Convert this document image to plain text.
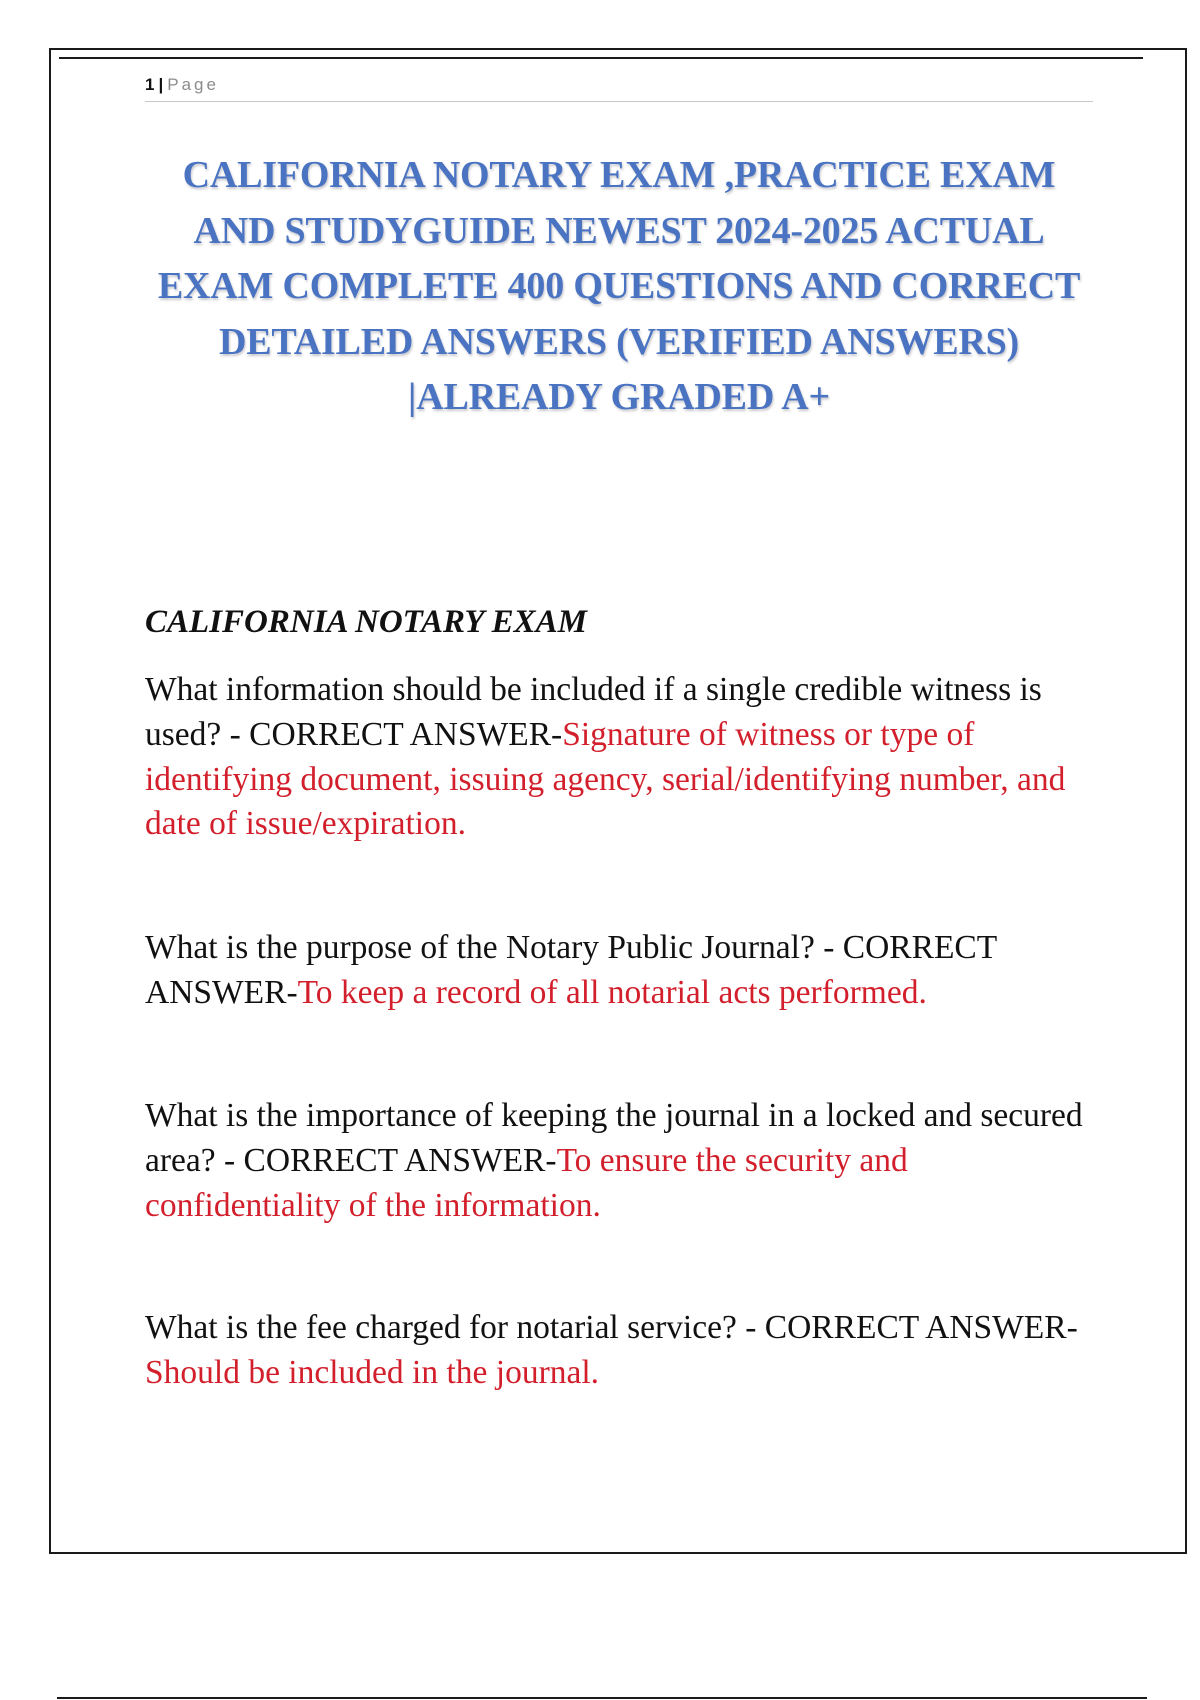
1 | Page
CALIFORNIA NOTARY EXAM ,PRACTICE EXAM AND STUDYGUIDE NEWEST 2024-2025 ACTUAL EXAM COMPLETE 400 QUESTIONS AND CORRECT DETAILED ANSWERS (VERIFIED ANSWERS) |ALREADY GRADED A+
CALIFORNIA NOTARY EXAM

What information should be included if a single credible witness is used? - CORRECT ANSWER-Signature of witness or type of identifying document, issuing agency, serial/identifying number, and date of issue/expiration.

What is the purpose of the Notary Public Journal? - CORRECT ANSWER-To keep a record of all notarial acts performed.

What is the importance of keeping the journal in a locked and secured area? - CORRECT ANSWER-To ensure the security and confidentiality of the information.

What is the fee charged for notarial service? - CORRECT ANSWER-Should be included in the journal.
